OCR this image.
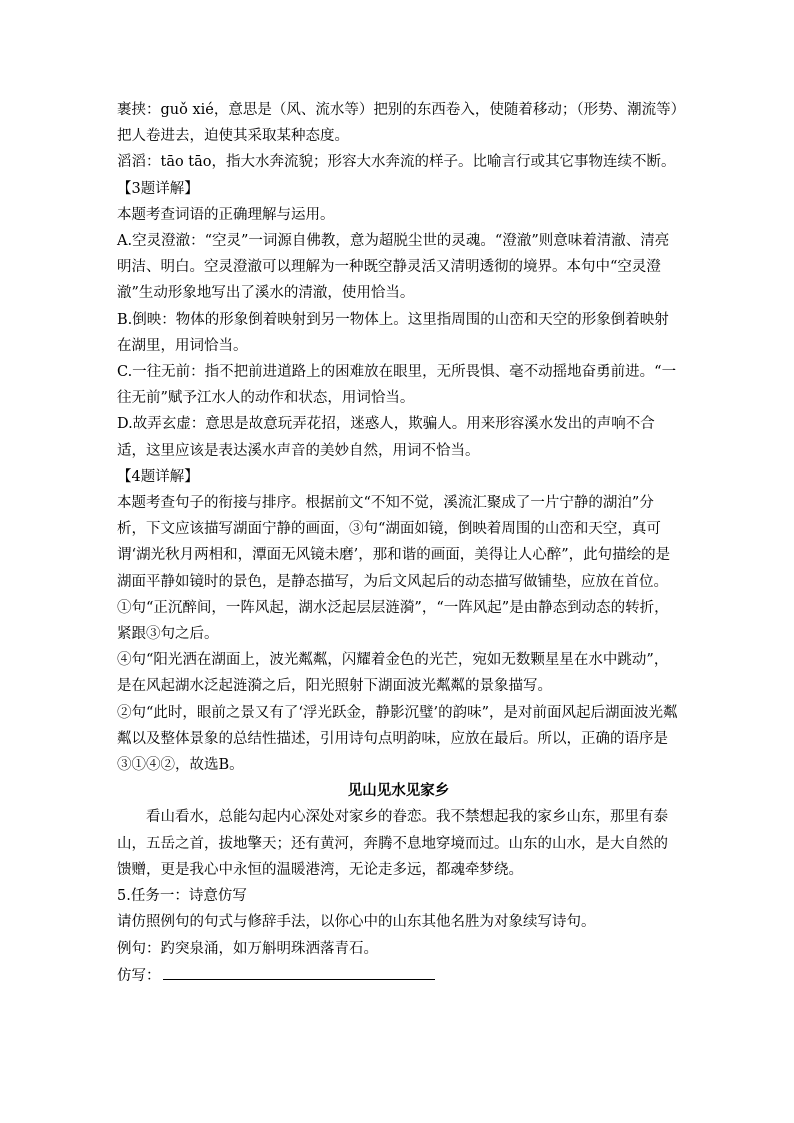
裹挟：guǒ xié，意思是（风、流水等）把别的东西卷入，使随着移动；（形势、潮流等）把人卷进去，迫使其采取某种态度。

滔滔：tāo tāo，指大水奔流貌；形容大水奔流的样子。比喻言行或其它事物连续不断。

【3题详解】

本题考查词语的正确理解与运用。

A.空灵澄澈：“空灵”一词源自佛教，意为超脱尘世的灵魂。“澄澈”则意味着清澈、清亮明洁、明白。空灵澄澈可以理解为一种既空静灵活又清明透彻的境界。本句中“空灵澄澈”生动形象地写出了溪水的清澈，使用恰当。

B.倒映：物体的形象倒着映射到另一物体上。这里指周围的山峦和天空的形象倒着映射在湖里，用词恰当。

C.一往无前：指不把前进道路上的困难放在眼里，无所畏惧、毫不动摇地奋勇前进。“一往无前”赋予江水人的动作和状态，用词恰当。

D.故弄玄虚：意思是故意玩弄花招，迷惑人，欺骗人。用来形容溪水发出的声响不合适，这里应该是表达溪水声音的美妙自然，用词不恰当。

【4题详解】

本题考查句子的衔接与排序。根据前文“不知不觉，溪流汇聚成了一片宁静的湖泊”分析，下文应该描写湖面宁静的画面，③句“湖面如镜，倒映着周围的山峦和天空，真可谓‘湖光秋月两相和，潭面无风镜未磨’，那和谐的画面，美得让人心醉”，此句描绘的是湖面平静如镜时的景色，是静态描写，为后文风起后的动态描写做铺垫，应放在首位。

①句“正沉醉间，一阵风起，湖水泛起层层涟漪”，“一阵风起”是由静态到动态的转折，紧跟③句之后。

④句“阳光洒在湖面上，波光粼粼，闪耀着金色的光芒，宛如无数颗星星在水中跳动”，是在风起湖水泛起涟漪之后，阳光照射下湖面波光粼粼的景象描写。

②句“此时，眼前之景又有了‘浮光跃金，静影沉璧’的韵味”，是对前面风起后湖面波光粼粼以及整体景象的总结性描述，引用诗句点明韵味，应放在最后。所以，正确的语序是③①④②，故选B。

见山见水见家乡

看山看水，总能勾起内心深处对家乡的眷恋。我不禁想起我的家乡山东，那里有泰山，五岳之首，拔地擎天；还有黄河，奔腾不息地穿境而过。山东的山水，是大自然的馈赠，更是我心中永恒的温暖港湾，无论走多远，都魂牵梦绕。

5.任务一：诗意仿写

请仿照例句的句式与修辞手法，以你心中的山东其他名胜为对象续写诗句。

例句：趵突泉涌，如万斛明珠洒落青石。

仿写：
